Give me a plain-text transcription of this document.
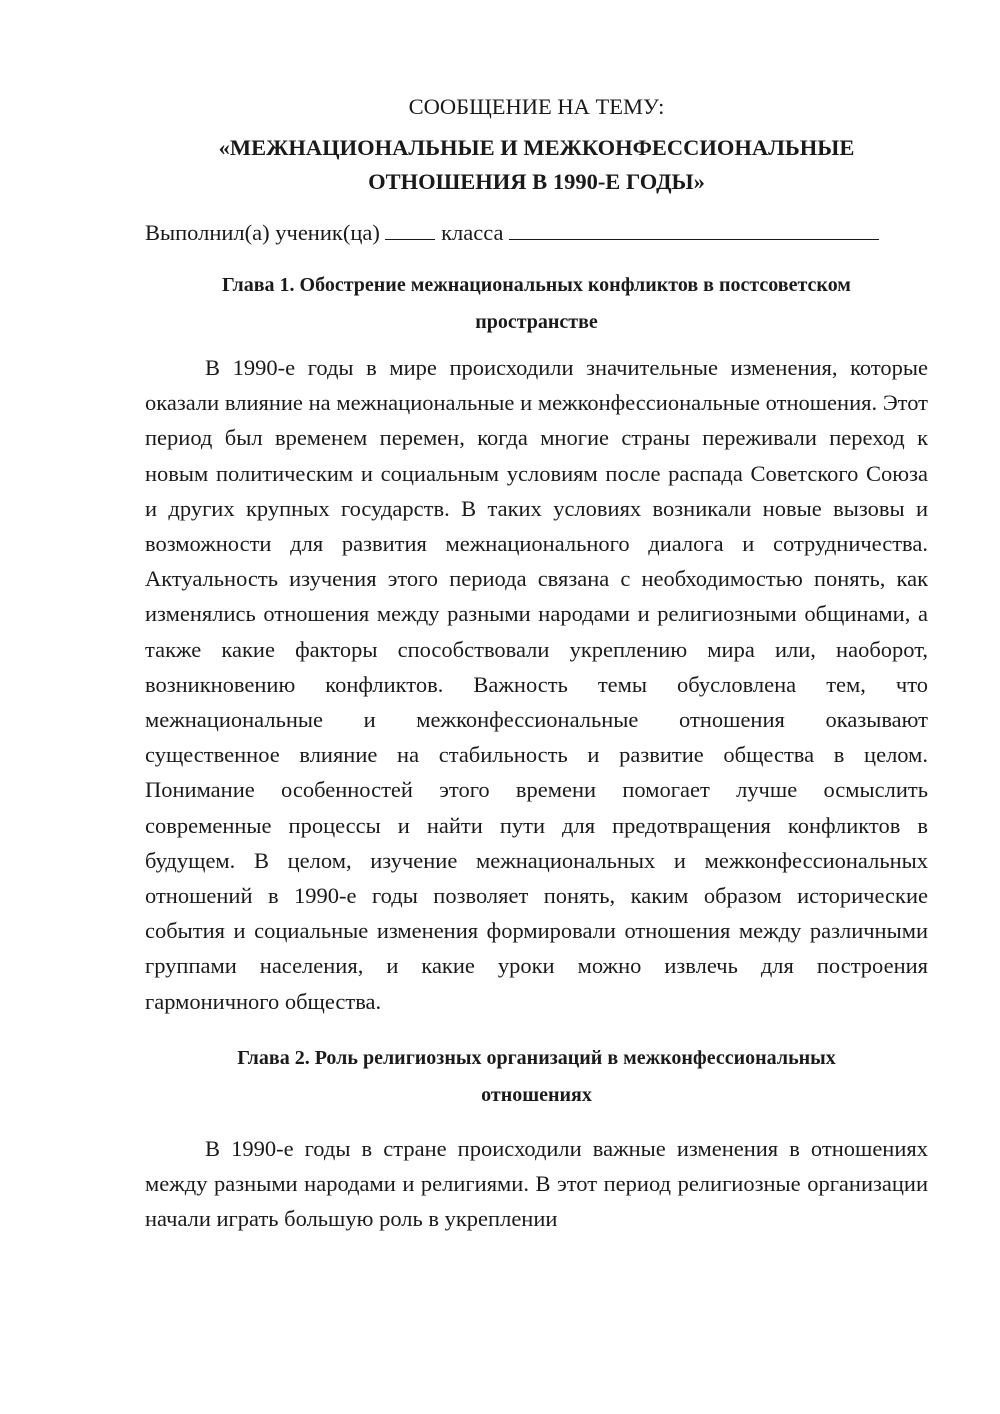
СООБЩЕНИЕ НА ТЕМУ:
«МЕЖНАЦИОНАЛЬНЫЕ И МЕЖКОНФЕССИОНАЛЬНЫЕ
ОТНОШЕНИЯ В 1990-Е ГОДЫ»

Выполнил(а) ученик(ца)	класса

Глава 1. Обострение межнациональных конфликтов в постсоветском
пространстве

В 1990-е годы в мире происходили значительные изменения, которые оказали влияние на межнациональные и межконфессиональные отношения. Этот период был временем перемен, когда многие страны переживали переход к новым политическим и социальным условиям после распада Советского Союза и других крупных государств. В таких условиях возникали новые вызовы и возможности для развития межнационального диалога и сотрудничества. Актуальность изучения этого периода связана с необходимостью понять, как изменялись отношения между разными народами и религиозными общинами, а также какие факторы способствовали укреплению мира или, наоборот, возникновению конфликтов. Важность темы обусловлена тем, что межнациональные и межконфессиональные отношения оказывают существенное влияние на стабильность и развитие общества в целом. Понимание особенностей этого времени помогает лучше осмыслить современные процессы и найти пути для предотвращения конфликтов в будущем. В целом, изучение межнациональных и межконфессиональных отношений в 1990-е годы позволяет понять, каким образом исторические события и социальные изменения формировали отношения между различными группами населения, и какие уроки можно извлечь для построения гармоничного общества.

Глава 2. Роль религиозных организаций в межконфессиональных
отношениях

В 1990-е годы в стране происходили важные изменения в отношениях между разными народами и религиями. В этот период религиозные организации начали играть большую роль в укреплении
